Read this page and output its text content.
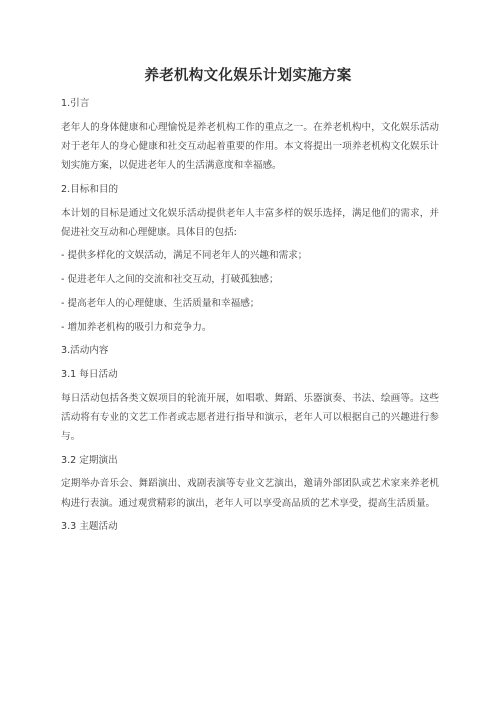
养老机构文化娱乐计划实施方案
1.引言
老年人的身体健康和心理愉悦是养老机构工作的重点之一。在养老机构中，文化娱乐活动对于老年人的身心健康和社交互动起着重要的作用。本文将提出一项养老机构文化娱乐计划实施方案，以促进老年人的生活满意度和幸福感。
2.目标和目的
本计划的目标是通过文化娱乐活动提供老年人丰富多样的娱乐选择，满足他们的需求，并促进社交互动和心理健康。具体目的包括:
- 提供多样化的文娱活动，满足不同老年人的兴趣和需求；
- 促进老年人之间的交流和社交互动，打破孤独感；
- 提高老年人的心理健康、生活质量和幸福感；
- 增加养老机构的吸引力和竞争力。
3.活动内容
3.1 每日活动
每日活动包括各类文娱项目的轮流开展，如唱歌、舞蹈、乐器演奏、书法、绘画等。这些活动将有专业的文艺工作者或志愿者进行指导和演示，老年人可以根据自己的兴趣进行参与。
3.2 定期演出
定期举办音乐会、舞蹈演出、戏剧表演等专业文艺演出，邀请外部团队或艺术家来养老机构进行表演。通过观赏精彩的演出，老年人可以享受高品质的艺术享受，提高生活质量。
3.3 主题活动
